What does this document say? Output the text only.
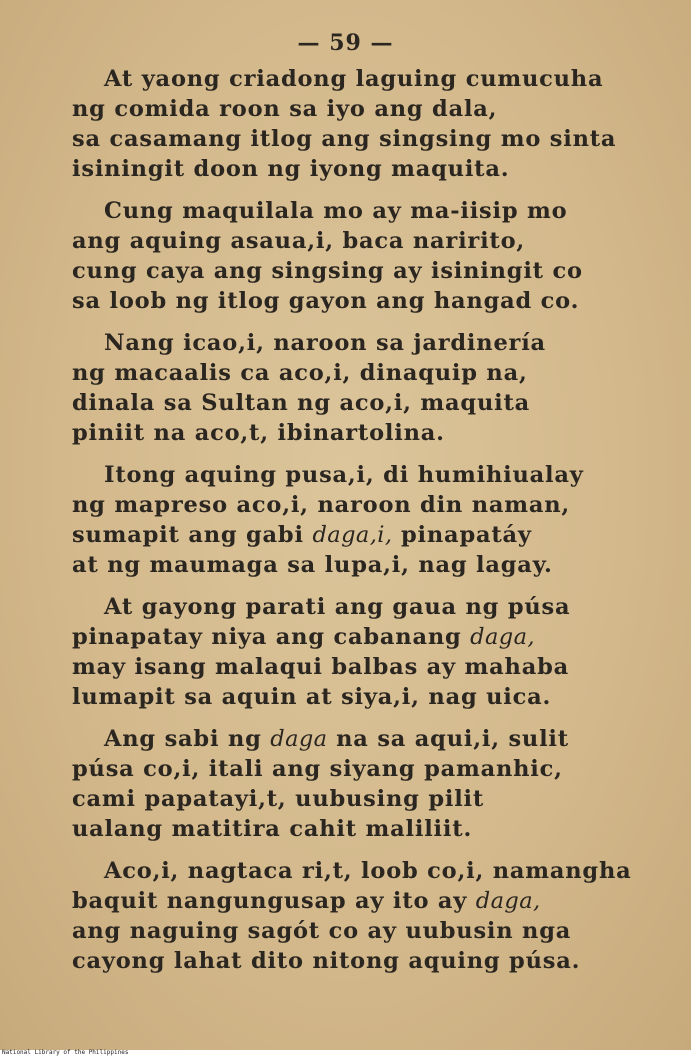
— 59 —
At yaong criadong laguing cumucuha
ng comida roon sa iyo ang dala,
sa casamang itlog ang singsing mo sinta
isiningit doon ng iyong maquita.
Cung maquilala mo ay ma-iisip mo
ang aquing asaua,i, baca naririto,
cung caya ang singsing ay isiningit co
sa loob ng itlog gayon ang hangad co.
Nang icao,i, naroon sa jardinería
ng macaalis ca aco,i, dinaquip na,
dinala sa Sultan ng aco,i, maquita
piniit na aco,t, ibinartolina.
Itong aquing pusa,i, di humihiualay
ng mapreso aco,i, naroon din naman,
sumapit ang gabi daga,i, pinapatáy
at ng maumaga sa lupa,i, nag lagay.
At gayong parati ang gaua ng púsa
pinapatay niya ang cabanang daga,
may isang malaqui balbas ay mahaba
lumapit sa aquin at siya,i, nag uica.
Ang sabi ng daga na sa aqui,i, sulit
púsa co,i, itali ang siyang pamanhic,
cami papatayi,t, uubusing pilit
ualang matitira cahit maliliit.
Aco,i, nagtaca ri,t, loob co,i, namangha
baquit nangungusap ay ito ay daga,
ang naguing sagót co ay uubusin nga
cayong lahat dito nitong aquing púsa.
National Library of the Philippines
